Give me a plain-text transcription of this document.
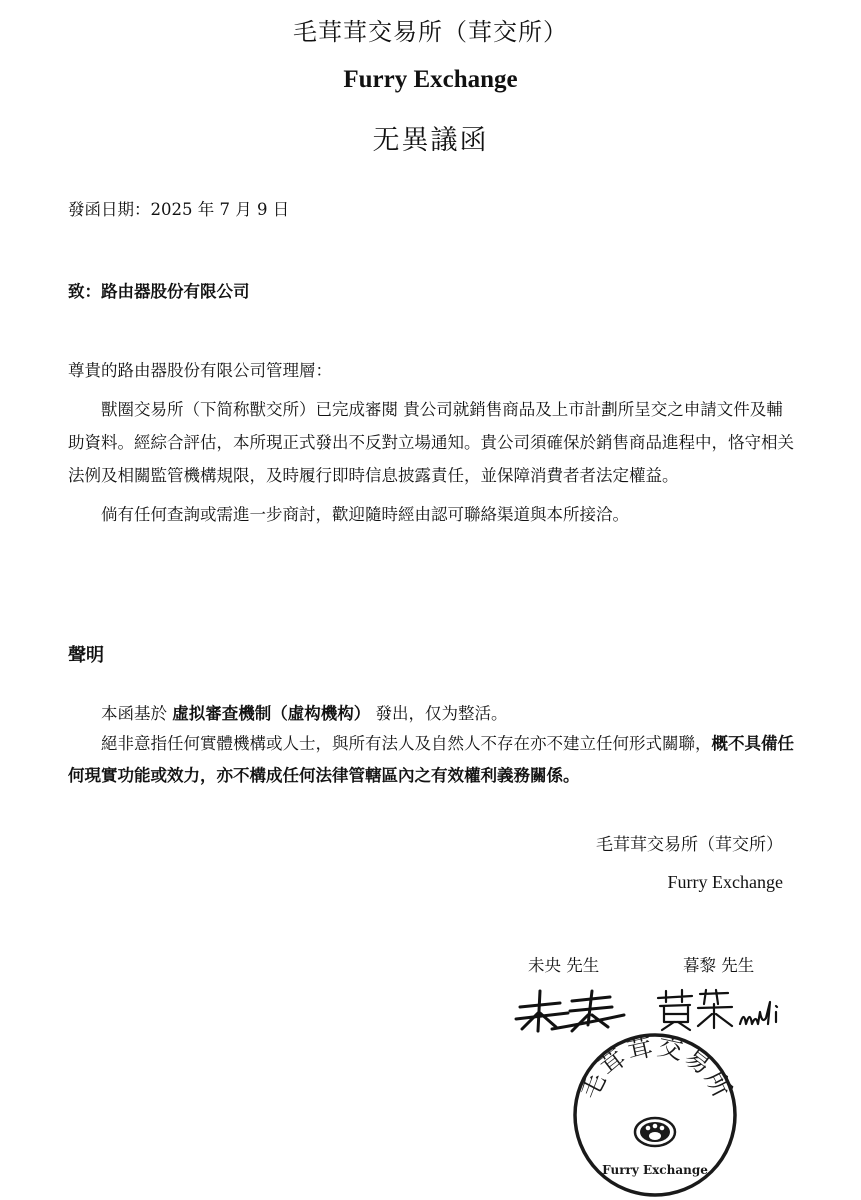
毛茸茸交易所（茸交所）
Furry Exchange
无異議函
發函日期：2025 年 7 月 9 日
致：路由器股份有限公司
尊貴的路由器股份有限公司管理層：

獸圈交易所（下简称獸交所）已完成審閱 貴公司就銷售商品及上市計劃所呈交之申請文件及輔助資料。經綜合評估，本所現正式發出不反對立場通知。貴公司須確保於銷售商品進程中，恪守相关法例及相關監管機構規限，及時履行即時信息披露責任，並保障消費者者法定權益。

倘有任何查詢或需進一步商討，歡迎隨時經由認可聯絡渠道與本所接洽。

聲明

本函基於 虛拟審查機制（虛构機构） 發出，仅为整活。

絕非意指任何實體機構或人士，與所有法人及自然人不存在亦不建立任何形式關聯，概不具備任何現實功能或效力，亦不構成任何法律管轄區內之有效權利義務關係。

毛茸茸交易所（茸交所）
Furry Exchange
未央 先生	暮黎 先生
毛茸茸交易所
Furry Exchange
